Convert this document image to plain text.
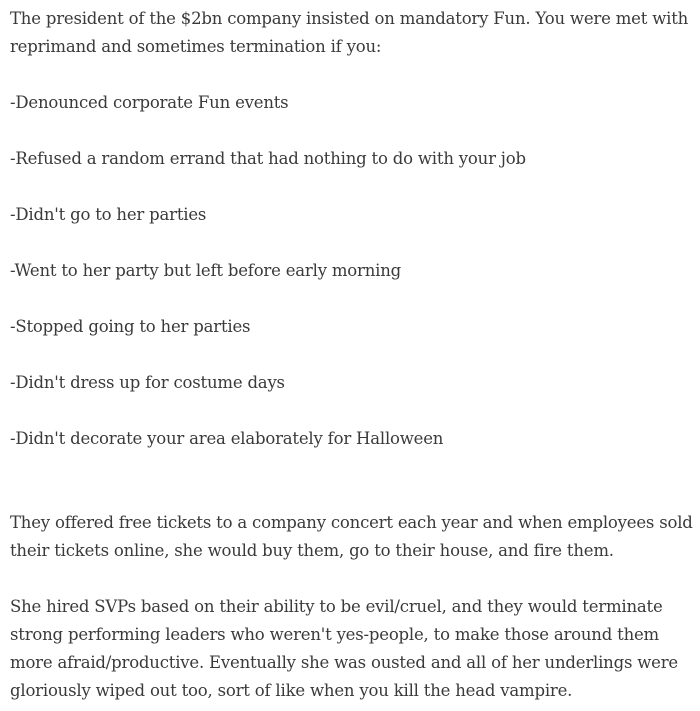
The president of the $2bn company insisted on mandatory Fun. You were met with reprimand and sometimes termination if you:

-Denounced corporate Fun events

-Refused a random errand that had nothing to do with your job

-Didn't go to her parties

-Went to her party but left before early morning

-Stopped going to her parties

-Didn't dress up for costume days

-Didn't decorate your area elaborately for Halloween

They offered free tickets to a company concert each year and when employees sold their tickets online, she would buy them, go to their house, and fire them.

She hired SVPs based on their ability to be evil/cruel, and they would terminate strong performing leaders who weren't yes-people, to make those around them more afraid/productive. Eventually she was ousted and all of her underlings were gloriously wiped out too, sort of like when you kill the head vampire.
